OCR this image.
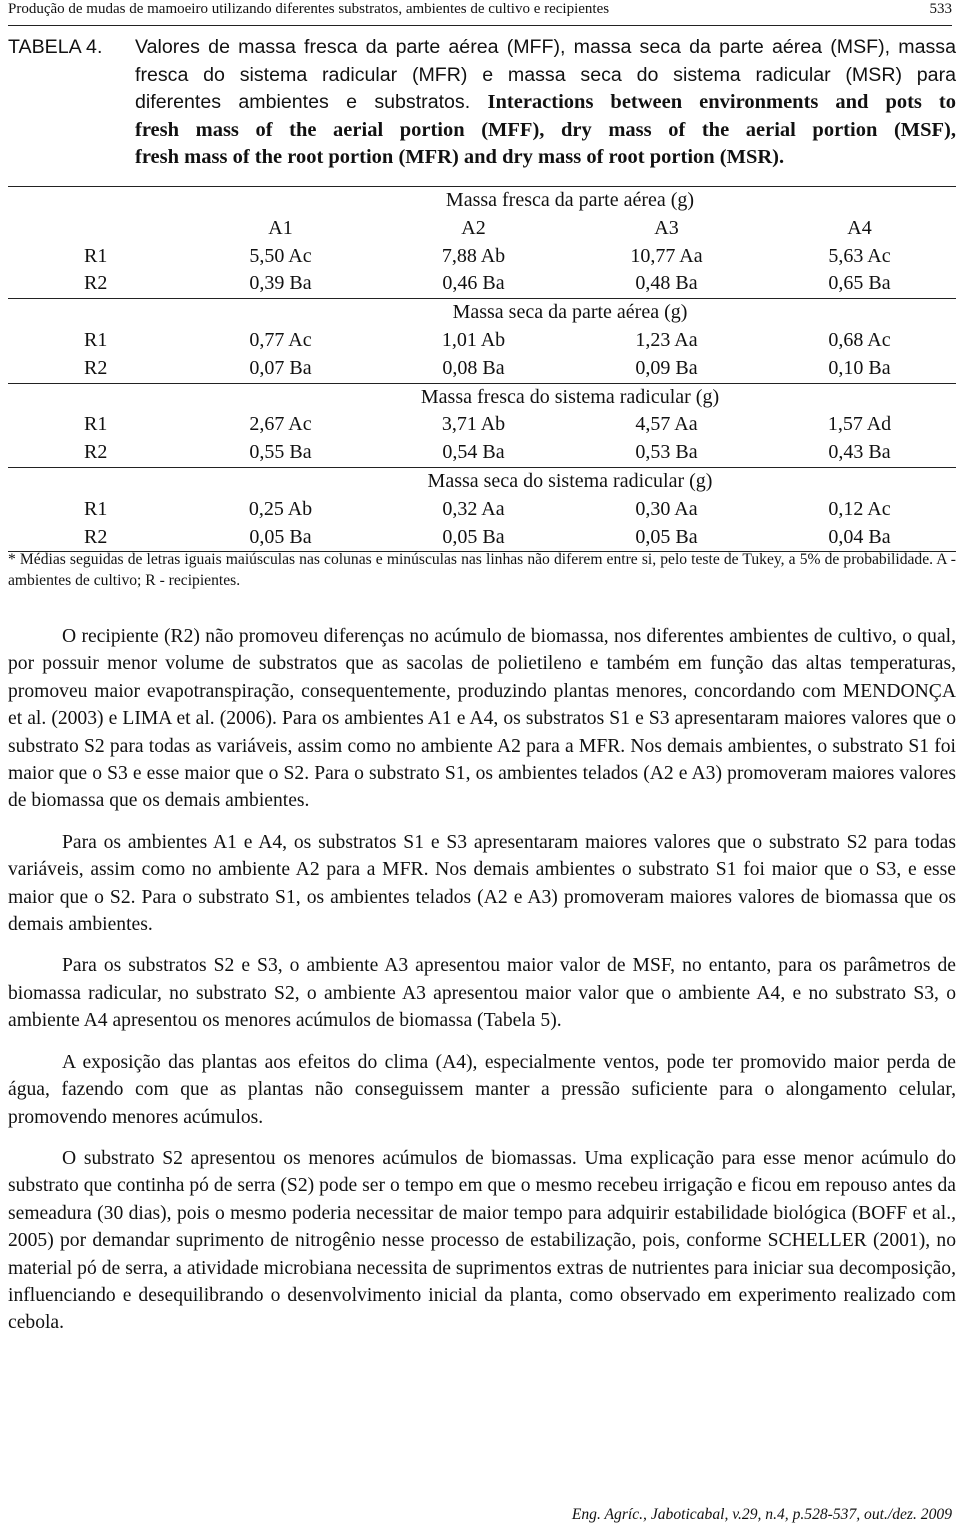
Produção de mudas de mamoeiro utilizando diferentes substratos, ambientes de cultivo e recipientes	533
TABELA 4. Valores de massa fresca da parte aérea (MFF), massa seca da parte aérea (MSF), massa
fresca do sistema radicular (MFR) e massa seca do sistema radicular (MSR) para
diferentes ambientes e substratos. Interactions between environments and pots to
fresh mass of the aerial portion (MFF), dry mass of the aerial portion (MSF),
fresh mass of the root portion (MFR) and dry mass of root portion (MSR).
	Massa fresca da parte aérea (g)			
	A1	A2	A3	A4
R1	5,50 Ac	7,88 Ab	10,77 Aa	5,63 Ac
R2	0,39 Ba	0,46 Ba	0,48 Ba	0,65 Ba
	Massa seca da parte aérea (g)			
R1	0,77 Ac	1,01 Ab	1,23 Aa	0,68 Ac
R2	0,07 Ba	0,08 Ba	0,09 Ba	0,10 Ba
	Massa fresca do sistema radicular (g)			
R1	2,67 Ac	3,71 Ab	4,57 Aa	1,57 Ad
R2	0,55 Ba	0,54 Ba	0,53 Ba	0,43 Ba
	Massa seca do sistema radicular (g)			
R1	0,25 Ab	0,32 Aa	0,30 Aa	0,12 Ac
R2	0,05 Ba	0,05 Ba	0,05 Ba	0,04 Ba
* Médias seguidas de letras iguais maiúsculas nas colunas e minúsculas nas linhas não diferem entre si, pelo teste de Tukey, a 5% de probabilidade. A - ambientes de cultivo; R - recipientes.

O recipiente (R2) não promoveu diferenças no acúmulo de biomassa, nos diferentes ambientes de cultivo, o qual, por possuir menor volume de substratos que as sacolas de polietileno e também em função das altas temperaturas, promoveu maior evapotranspiração, consequentemente, produzindo plantas menores, concordando com MENDONÇA et al. (2003) e LIMA et al. (2006). Para os ambientes A1 e A4, os substratos S1 e S3 apresentaram maiores valores que o substrato S2 para todas as variáveis, assim como no ambiente A2 para a MFR. Nos demais ambientes, o substrato S1 foi maior que o S3 e esse maior que o S2. Para o substrato S1, os ambientes telados (A2 e A3) promoveram maiores valores de biomassa que os demais ambientes.

Para os ambientes A1 e A4, os substratos S1 e S3 apresentaram maiores valores que o substrato S2 para todas variáveis, assim como no ambiente A2 para a MFR. Nos demais ambientes o substrato S1 foi maior que o S3, e esse maior que o S2. Para o substrato S1, os ambientes telados (A2 e A3) promoveram maiores valores de biomassa que os demais ambientes.

Para os substratos S2 e S3, o ambiente A3 apresentou maior valor de MSF, no entanto, para os parâmetros de biomassa radicular, no substrato S2, o ambiente A3 apresentou maior valor que o ambiente A4, e no substrato S3, o ambiente A4 apresentou os menores acúmulos de biomassa (Tabela 5).

A exposição das plantas aos efeitos do clima (A4), especialmente ventos, pode ter promovido maior perda de água, fazendo com que as plantas não conseguissem manter a pressão suficiente para o alongamento celular, promovendo menores acúmulos.

O substrato S2 apresentou os menores acúmulos de biomassas. Uma explicação para esse menor acúmulo do substrato que continha pó de serra (S2) pode ser o tempo em que o mesmo recebeu irrigação e ficou em repouso antes da semeadura (30 dias), pois o mesmo poderia necessitar de maior tempo para adquirir estabilidade biológica (BOFF et al., 2005) por demandar suprimento de nitrogênio nesse processo de estabilização, pois, conforme SCHELLER (2001), no material pó de serra, a atividade microbiana necessita de suprimentos extras de nutrientes para iniciar sua decomposição, influenciando e desequilibrando o desenvolvimento inicial da planta, como observado em experimento realizado com cebola.

Eng. Agríc., Jaboticabal, v.29, n.4, p.528-537, out./dez. 2009
